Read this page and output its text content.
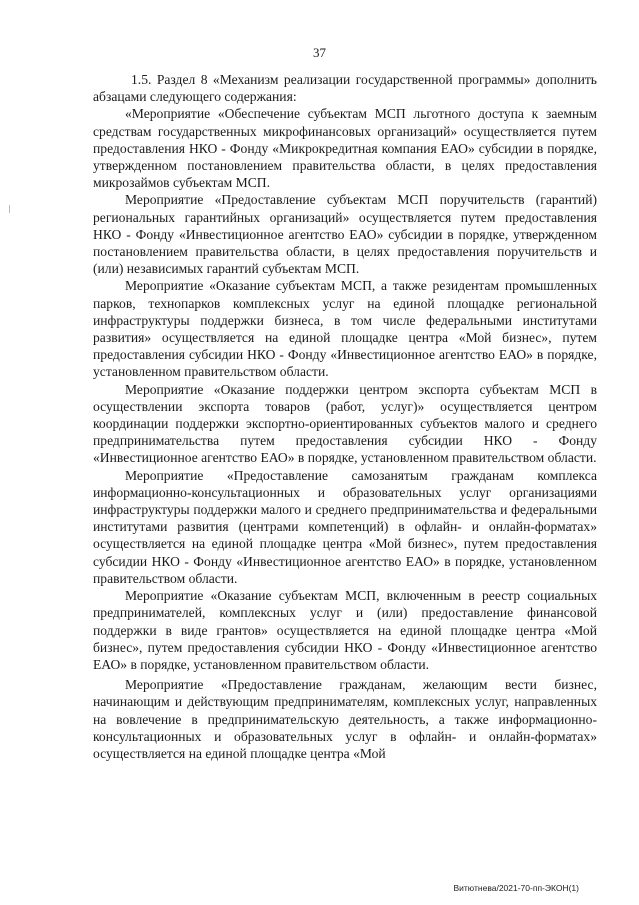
37

1.5. Раздел 8 «Механизм реализации государственной программы» дополнить абзацами следующего содержания:

«Мероприятие «Обеспечение субъектам МСП льготного доступа к заемным средствам государственных микрофинансовых организаций» осуществляется путем предоставления НКО - Фонду «Микрокредитная компания ЕАО» субсидии в порядке, утвержденном постановлением правительства области, в целях предоставления микрозаймов субъектам МСП.

Мероприятие «Предоставление субъектам МСП поручительств (гарантий) региональных гарантийных организаций» осуществляется путем предоставления НКО - Фонду «Инвестиционное агентство ЕАО» субсидии в порядке, утвержденном постановлением правительства области, в целях предоставления поручительств и (или) независимых гарантий субъектам МСП.

Мероприятие «Оказание субъектам МСП, а также резидентам промышленных парков, технопарков комплексных услуг на единой площадке региональной инфраструктуры поддержки бизнеса, в том числе федеральными институтами развития» осуществляется на единой площадке центра «Мой бизнес», путем предоставления субсидии НКО - Фонду «Инвестиционное агентство ЕАО» в порядке, установленном правительством области.

Мероприятие «Оказание поддержки центром экспорта субъектам МСП в осуществлении экспорта товаров (работ, услуг)» осуществляется центром координации поддержки экспортно-ориентированных субъектов малого и среднего предпринимательства путем предоставления субсидии НКО - Фонду «Инвестиционное агентство ЕАО» в порядке, установленном правительством области.

Мероприятие «Предоставление самозанятым гражданам комплекса информационно-консультационных и образовательных услуг организациями инфраструктуры поддержки малого и среднего предпринимательства и федеральными институтами развития (центрами компетенций) в офлайн- и онлайн-форматах» осуществляется на единой площадке центра «Мой бизнес», путем предоставления субсидии НКО - Фонду «Инвестиционное агентство ЕАО» в порядке, установленном правительством области.

Мероприятие «Оказание субъектам МСП, включенным в реестр социальных предпринимателей, комплексных услуг и (или) предоставление финансовой поддержки в виде грантов» осуществляется на единой площадке центра «Мой бизнес», путем предоставления субсидии НКО - Фонду «Инвестиционное агентство ЕАО» в порядке, установленном правительством области.

Мероприятие «Предоставление гражданам, желающим вести бизнес, начинающим и действующим предпринимателям, комплексных услуг, направленных на вовлечение в предпринимательскую деятельность, а также информационно-консультационных и образовательных услуг в офлайн- и онлайн-форматах» осуществляется на единой площадке центра «Мой

Витютнева/2021-70-пп-ЭКОН(1)
